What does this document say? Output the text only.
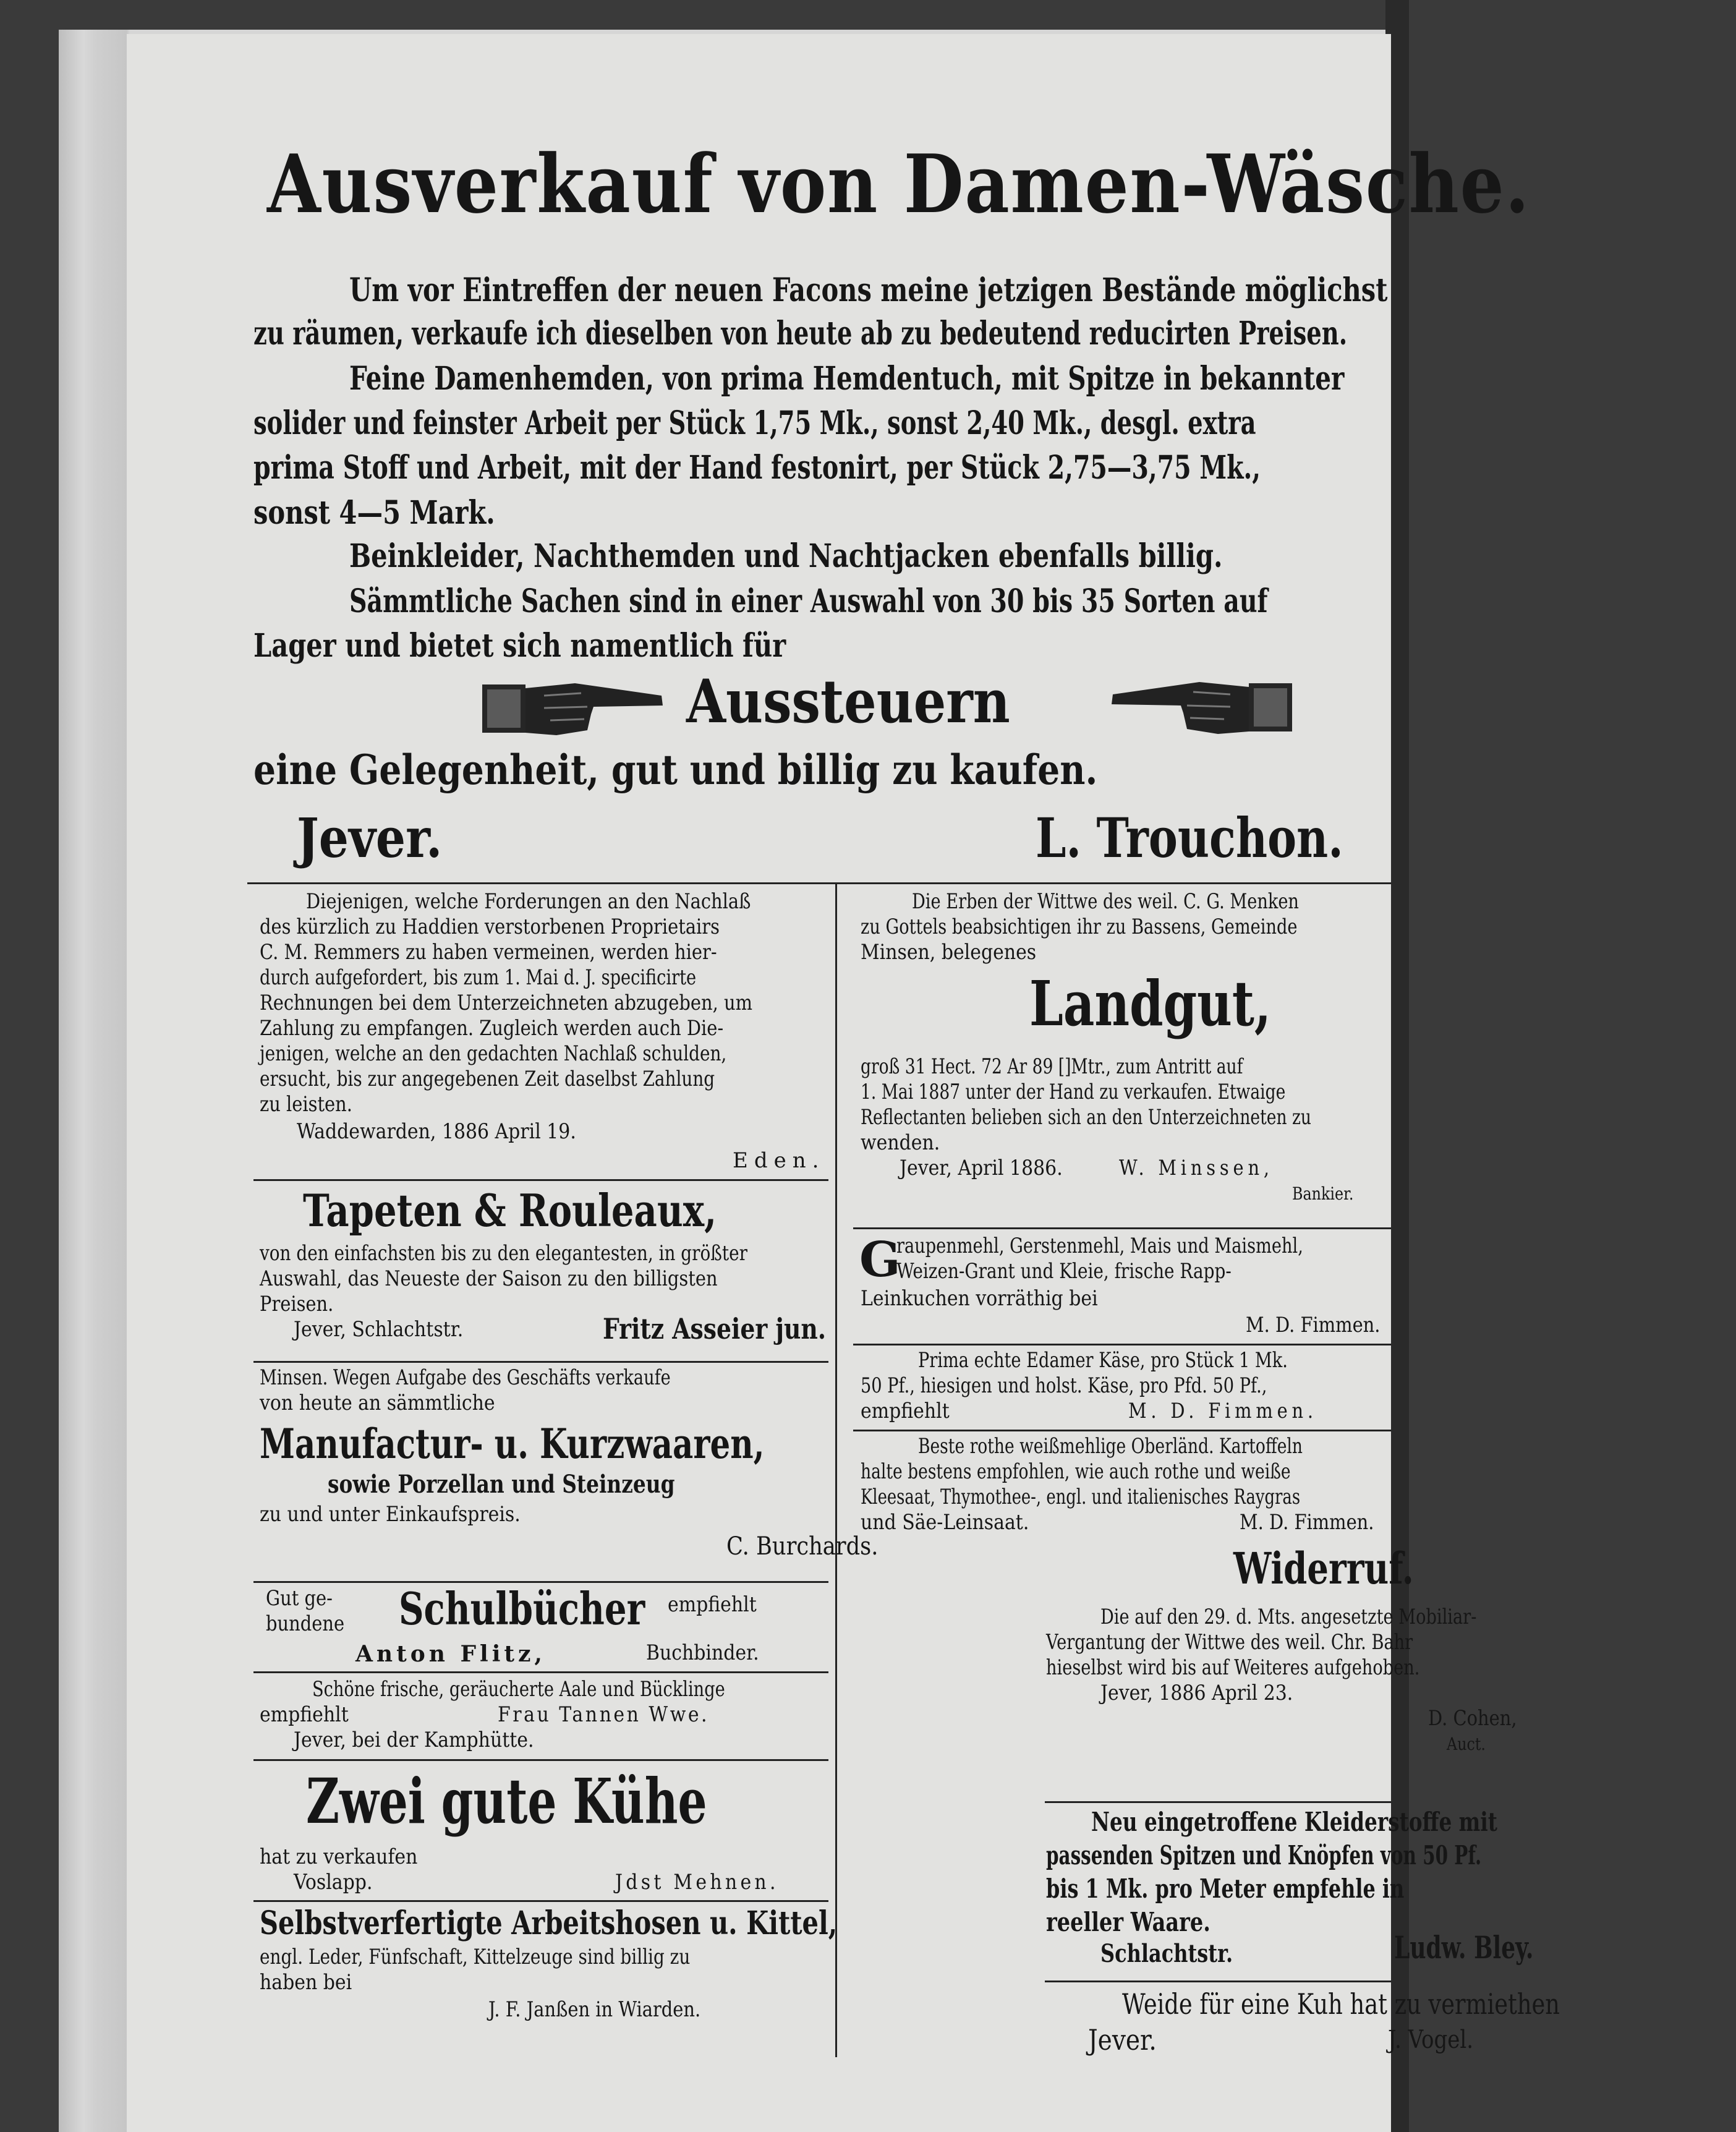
Ausverkauf von Damen-Wäsche.
Um vor Eintreffen der neuen Facons meine jetzigen Bestände möglichst
zu räumen, verkaufe ich dieselben von heute ab zu bedeutend reducirten Preisen.
Feine Damenhemden, von prima Hemdentuch, mit Spitze in bekannter
solider und feinster Arbeit per Stück 1,75 Mk., sonst 2,40 Mk., desgl. extra
prima Stoff und Arbeit, mit der Hand festonirt, per Stück 2,75—3,75 Mk.,
sonst 4—5 Mark.
Beinkleider, Nachthemden und Nachtjacken ebenfalls billig.
Sämmtliche Sachen sind in einer Auswahl von 30 bis 35 Sorten auf
Lager und bietet sich namentlich für
Aussteuern
eine Gelegenheit, gut und billig zu kaufen.
Jever.	L. Trouchon.
Diejenigen, welche Forderungen an den Nachlaß
des kürzlich zu Haddien verstorbenen Proprietairs
C. M. Remmers zu haben vermeinen, werden hier-
durch aufgefordert, bis zum 1. Mai d. J. specificirte
Rechnungen bei dem Unterzeichneten abzugeben, um
Zahlung zu empfangen. Zugleich werden auch Die-
jenigen, welche an den gedachten Nachlaß schulden,
ersucht, bis zur angegebenen Zeit daselbst Zahlung
zu leisten.
Waddewarden, 1886 April 19.
Eden.
Tapeten & Rouleaux,
von den einfachsten bis zu den elegantesten, in größter
Auswahl, das Neueste der Saison zu den billigsten
Preisen.
Jever, Schlachtstr.	Fritz Asseier jun.
Minsen. Wegen Aufgabe des Geschäfts verkaufe
von heute an sämmtliche
Manufactur- u. Kurzwaaren,
sowie Porzellan und Steinzeug
zu und unter Einkaufspreis.
C. Burchards.
Gut ge-
bundene	Schulbücher	empfiehlt
Anton Flitz,	Buchbinder.
Schöne frische, geräucherte Aale und Bücklinge
empfiehlt	Frau Tannen Wwe.
Jever, bei der Kamphütte.
Zwei gute Kühe
hat zu verkaufen
Voslapp.	Jdst Mehnen.
Selbstverfertigte Arbeitshosen u. Kittel,
engl. Leder, Fünfschaft, Kittelzeuge sind billig zu
haben bei
J. F. Janßen in Wiarden.
Die Erben der Wittwe des weil. C. G. Menken
zu Gottels beabsichtigen ihr zu Bassens, Gemeinde
Minsen, belegenes
Landgut,
groß 31 Hect. 72 Ar 89 []Mtr., zum Antritt auf
1. Mai 1887 unter der Hand zu verkaufen. Etwaige
Reflectanten belieben sich an den Unterzeichneten zu
wenden.
Jever, April 1886.	W. Minssen,
Bankier.
G
raupenmehl, Gerstenmehl, Mais und Maismehl,
Weizen-Grant und Kleie, frische Rapp-
Leinkuchen vorräthig bei
M. D. Fimmen.
Prima echte Edamer Käse, pro Stück 1 Mk.
50 Pf., hiesigen und holst. Käse, pro Pfd. 50 Pf.,
empfiehlt	M. D. Fimmen.
Beste rothe weißmehlige Oberländ. Kartoffeln
halte bestens empfohlen, wie auch rothe und weiße
Kleesaat, Thymothee-, engl. und italienisches Raygras
und Säe-Leinsaat.	M. D. Fimmen.
Widerruf.
Die auf den 29. d. Mts. angesetzte Mobiliar-
Vergantung der Wittwe des weil. Chr. Bahr
hieselbst wird bis auf Weiteres aufgehoben.
Jever, 1886 April 23.
D. Cohen,
Auct.
Neu eingetroffene Kleiderstoffe mit
passenden Spitzen und Knöpfen von 50 Pf.
bis 1 Mk. pro Meter empfehle in
reeller Waare.
Schlachtstr.	Ludw. Bley.
Weide für eine Kuh hat zu vermiethen
Jever.	J. Vogel.
